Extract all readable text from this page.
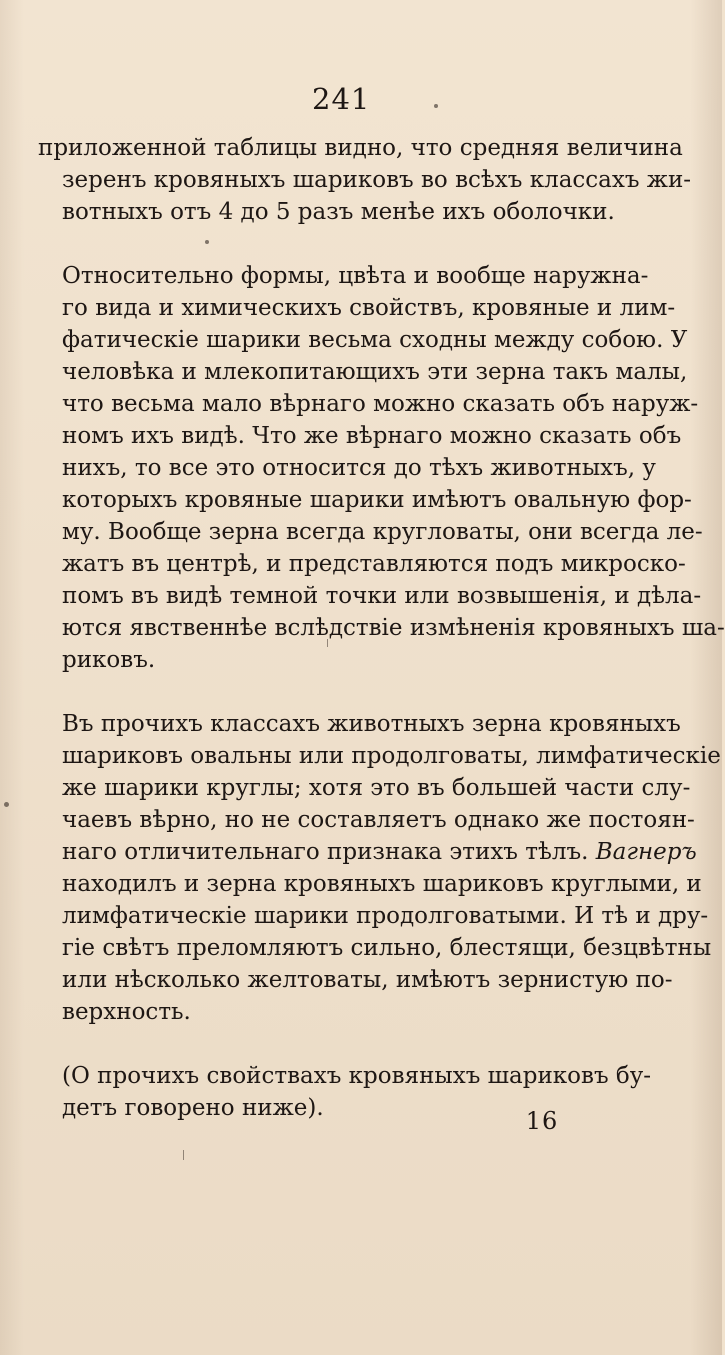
241
приложенной таблицы видно, что средняя величина
зеренъ кровяныхъ шариковъ во всѣхъ классахъ жи-
вотныхъ отъ 4 до 5 разъ менѣе ихъ оболочки.
Относительно формы, цвѣта и вообще наружна-
го вида и химическихъ свойствъ, кровяные и лим-
фатическiе шарики весьма сходны между собою. У
человѣка и млекопитающихъ эти зерна такъ малы,
что весьма мало вѣрнаго можно сказать объ наруж-
номъ ихъ видѣ. Что же вѣрнаго можно сказать объ
нихъ, то все это относится до тѣхъ животныхъ, у
которыхъ кровяные шарики имѣютъ овальную фор-
му. Вообще зерна всегда кругловаты, они всегда ле-
жатъ въ центрѣ, и представляются подъ микроско-
помъ въ видѣ темной точки или возвышенiя, и дѣла-
ются явственнѣе вслѣдствiе измѣненiя кровяныхъ ша-
риковъ.
Въ прочихъ классахъ животныхъ зерна кровяныхъ
шариковъ овальны или продолговаты, лимфатическiе
же шарики круглы; хотя это въ большей части слу-
чаевъ вѣрно, но не составляетъ однако же постоян-
наго отличительнаго признака этихъ тѣлъ. Вагнеръ
находилъ и зерна кровяныхъ шариковъ круглыми, и
лимфатическiе шарики продолговатыми. И тѣ и дру-
гiе свѣтъ преломляютъ сильно, блестящи, безцвѣтны
или нѣсколько желтоваты, имѣютъ зернистую по-
верхность.
(О прочихъ свойствахъ кровяныхъ шариковъ бу-
детъ говорено ниже).	16
